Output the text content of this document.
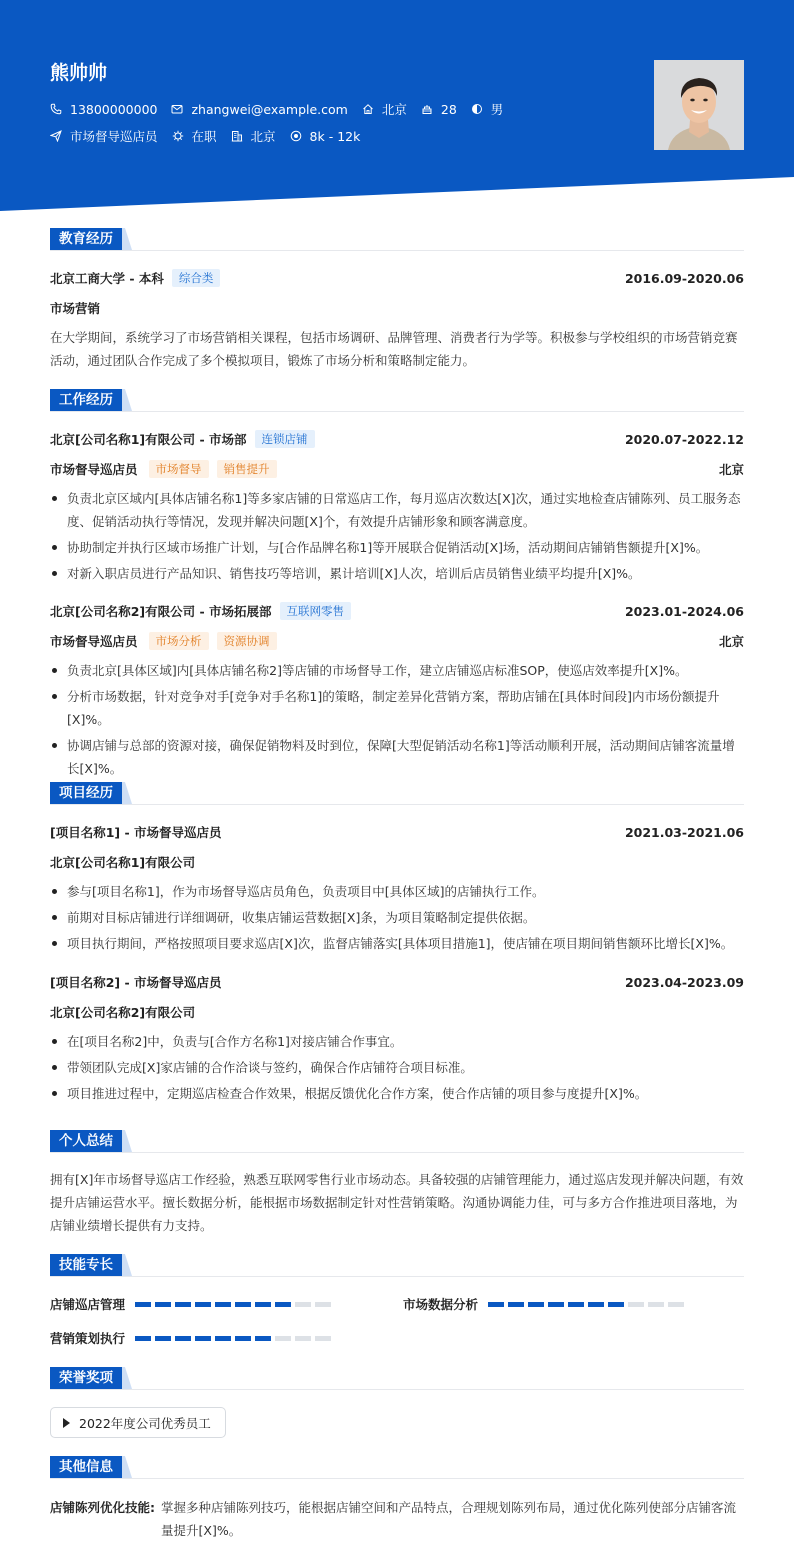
熊帅帅
13800000000	zhangwei@example.com	北京	28	男
市场督导巡店员	在职	北京	8k - 12k
教育经历
北京工商大学 - 本科	综合类	2016.09-2020.06
市场营销
在大学期间，系统学习了市场营销相关课程，包括市场调研、品牌管理、消费者行为学等。积极参与学校组织的市场营销竞赛活动，通过团队合作完成了多个模拟项目，锻炼了市场分析和策略制定能力。
工作经历
北京[公司名称1]有限公司 - 市场部	连锁店铺	2020.07-2022.12
市场督导巡店员	市场督导	销售提升	北京
负责北京区域内[具体店铺名称1]等多家店铺的日常巡店工作，每月巡店次数达[X]次，通过实地检查店铺陈列、员工服务态度、促销活动执行等情况，发现并解决问题[X]个，有效提升店铺形象和顾客满意度。
协助制定并执行区域市场推广计划，与[合作品牌名称1]等开展联合促销活动[X]场，活动期间店铺销售额提升[X]%。
对新入职店员进行产品知识、销售技巧等培训，累计培训[X]人次，培训后店员销售业绩平均提升[X]%。
北京[公司名称2]有限公司 - 市场拓展部	互联网零售	2023.01-2024.06
市场督导巡店员	市场分析	资源协调	北京
负责北京[具体区域]内[具体店铺名称2]等店铺的市场督导工作，建立店铺巡店标准SOP，使巡店效率提升[X]%。
分析市场数据，针对竞争对手[竞争对手名称1]的策略，制定差异化营销方案，帮助店铺在[具体时间段]内市场份额提升[X]%。
协调店铺与总部的资源对接，确保促销物料及时到位，保障[大型促销活动名称1]等活动顺利开展，活动期间店铺客流量增长[X]%。
项目经历
[项目名称1] - 市场督导巡店员	2021.03-2021.06
北京[公司名称1]有限公司
参与[项目名称1]，作为市场督导巡店员角色，负责项目中[具体区域]的店铺执行工作。
前期对目标店铺进行详细调研，收集店铺运营数据[X]条，为项目策略制定提供依据。
项目执行期间，严格按照项目要求巡店[X]次，监督店铺落实[具体项目措施1]，使店铺在项目期间销售额环比增长[X]%。
[项目名称2] - 市场督导巡店员	2023.04-2023.09
北京[公司名称2]有限公司
在[项目名称2]中，负责与[合作方名称1]对接店铺合作事宜。
带领团队完成[X]家店铺的合作洽谈与签约，确保合作店铺符合项目标准。
项目推进过程中，定期巡店检查合作效果，根据反馈优化合作方案，使合作店铺的项目参与度提升[X]%。
个人总结
拥有[X]年市场督导巡店工作经验，熟悉互联网零售行业市场动态。具备较强的店铺管理能力，通过巡店发现并解决问题，有效提升店铺运营水平。擅长数据分析，能根据市场数据制定针对性营销策略。沟通协调能力佳，可与多方合作推进项目落地，为店铺业绩增长提供有力支持。
技能专长
店铺巡店管理	市场数据分析
营销策划执行
荣誉奖项
2022年度公司优秀员工
其他信息
店铺陈列优化技能: 掌握多种店铺陈列技巧，能根据店铺空间和产品特点，合理规划陈列布局，通过优化陈列使部分店铺客流量提升[X]%。
